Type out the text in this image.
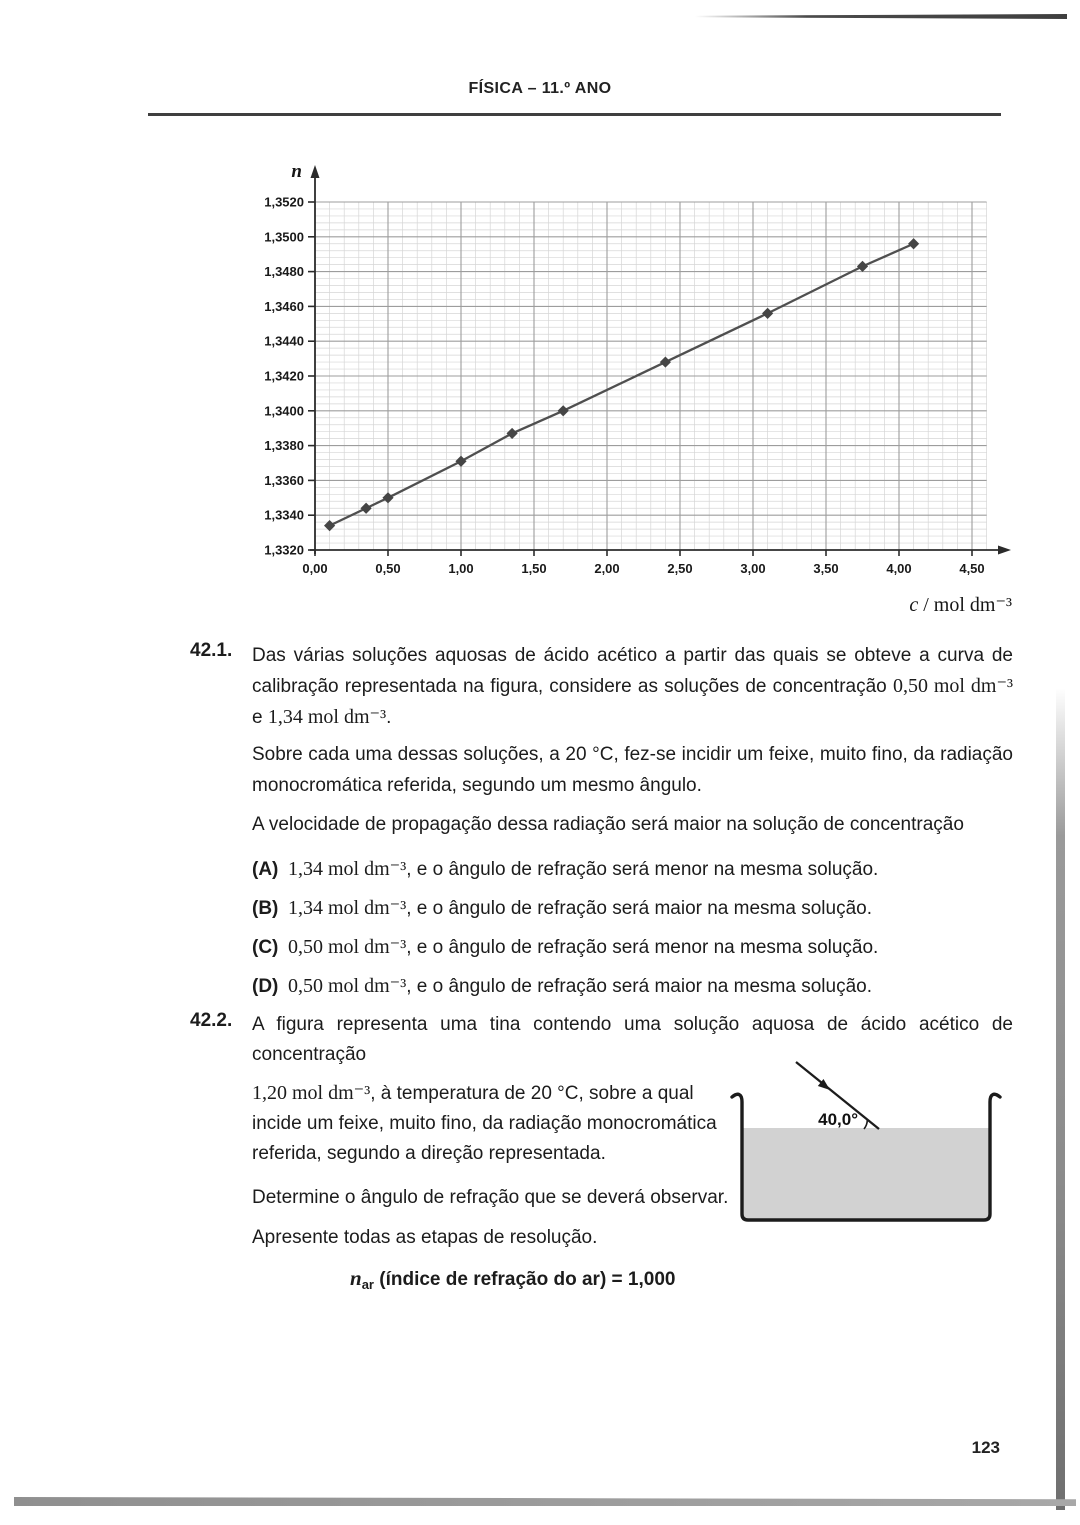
FÍSICA – 11.º ANO
n
1,3320
1,3340
1,3360
1,3380
1,3400
1,3420
1,3440
1,3460
1,3480
1,3500
1,3520
0,00	0,50	1,00	1,50	2,00	2,50	3,00	3,50	4,00	4,50
c / mol dm⁻³
42.1. Das várias soluções aquosas de ácido acético a partir das quais se obteve a curva de calibração representada na figura, considere as soluções de concentração 0,50 mol dm⁻³ e 1,34 mol dm⁻³.

Sobre cada uma dessas soluções, a 20 °C, fez-se incidir um feixe, muito fino, da radiação monocromática referida, segundo um mesmo ângulo.

A velocidade de propagação dessa radiação será maior na solução de concentração

(A) 1,34 mol dm⁻³, e o ângulo de refração será menor na mesma solução.
(B) 1,34 mol dm⁻³, e o ângulo de refração será maior na mesma solução.
(C) 0,50 mol dm⁻³, e o ângulo de refração será menor na mesma solução.
(D) 0,50 mol dm⁻³, e o ângulo de refração será maior na mesma solução.
42.2. A figura representa uma tina contendo uma solução aquosa de ácido acético de concentração
1,20 mol dm⁻³, à temperatura de 20 °C, sobre a qual
incide um feixe, muito fino, da radiação monocromática
referida, segundo a direção representada.
Determine o ângulo de refração que se deverá observar.
Apresente todas as etapas de resolução.
$n_{ar}$ (índice de refração do ar) = 1,000
40,0°
123
